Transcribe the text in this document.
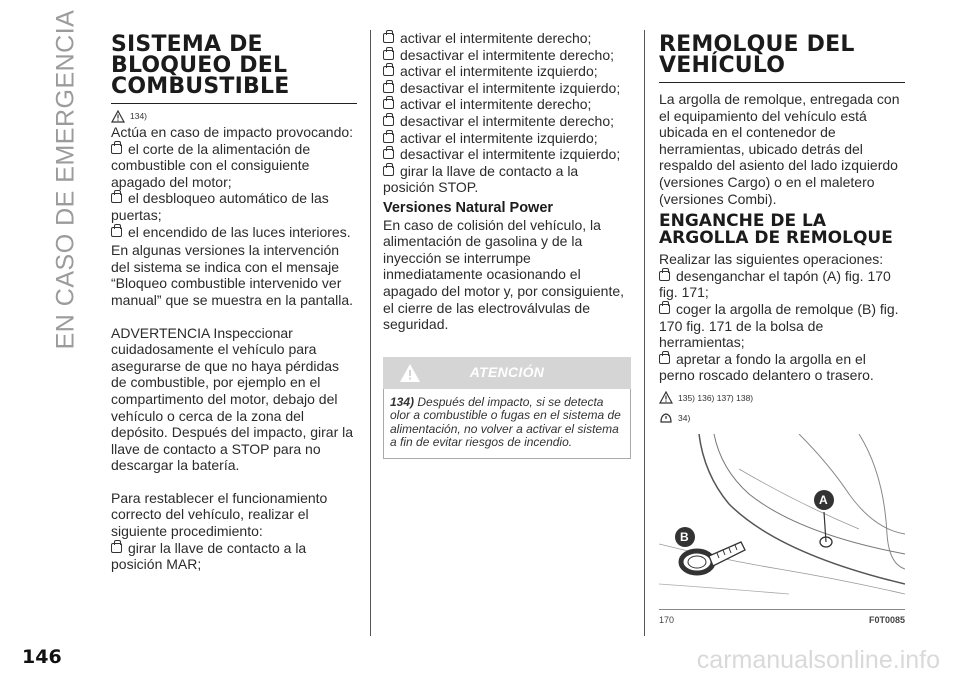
EN CASO DE EMERGENCIA SISTEMA DE BLOQUEO DEL COMBUSTIBLE
134)

Actúa en caso de impacto provocando:

el corte de la alimentación de combustible con el consiguiente apagado del motor;
el desbloqueo automático de las puertas;
el encendido de las luces interiores.

En algunas versiones la intervención del sistema se indica con el mensaje “Bloqueo combustible intervenido ver manual” que se muestra en la pantalla.

ADVERTENCIA Inspeccionar cuidadosamente el vehículo para asegurarse de que no haya pérdidas de combustible, por ejemplo en el compartimento del motor, debajo del vehículo o cerca de la zona del depósito. Después del impacto, girar la llave de contacto a STOP para no descargar la batería.

Para restablecer el funcionamiento correcto del vehículo, realizar el siguiente procedimiento:

girar la llave de contacto a la posición MAR;
activar el intermitente derecho;
desactivar el intermitente derecho;
activar el intermitente izquierdo;
desactivar el intermitente izquierdo;
activar el intermitente derecho;
desactivar el intermitente derecho;
activar el intermitente izquierdo;
desactivar el intermitente izquierdo;
girar la llave de contacto a la posición STOP.
Versiones Natural Power

En caso de colisión del vehículo, la alimentación de gasolina y de la inyección se interrumpe inmediatamente ocasionando el apagado del motor y, por consiguiente, el cierre de las electroválvulas de seguridad.

ATENCIÓN
134) Después del impacto, si se detecta olor a combustible o fugas en el sistema de alimentación, no volver a activar el sistema a fin de evitar riesgos de incendio.
REMOLQUE DEL VEHÍCULO

La argolla de remolque, entregada con el equipamiento del vehículo está ubicada en el contenedor de herramientas, ubicado detrás del respaldo del asiento del lado izquierdo (versiones Cargo) o en el maletero (versiones Combi).

ENGANCHE DE LA ARGOLLA DE REMOLQUE

Realizar las siguientes operaciones:

desenganchar el tapón (A) fig. 170 fig. 171;
coger la argolla de remolque (B) fig. 170 fig. 171 de la bolsa de herramientas;
apretar a fondo la argolla en el perno roscado delantero o trasero.
135) 136) 137) 138)
34)
A
B
170	F0T0085
146	carmanualsonline.info
